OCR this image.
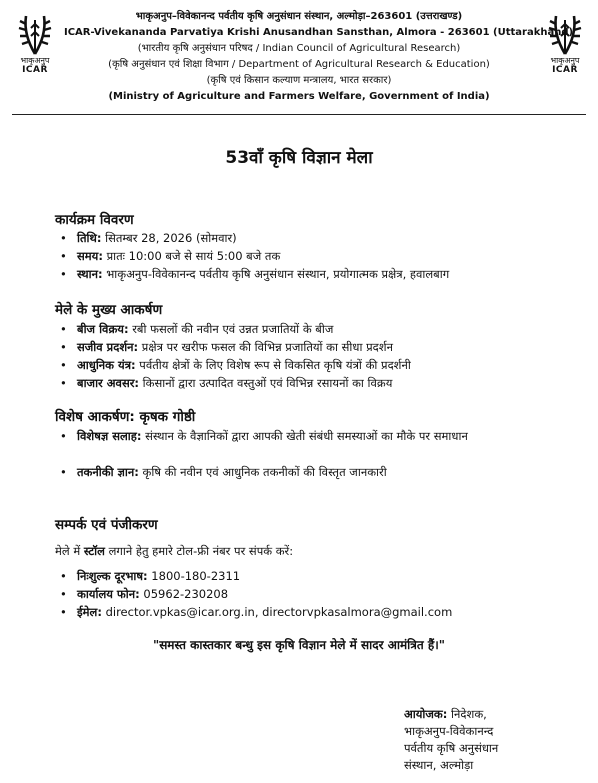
भाकृअनुप
ICAR
भाकृअनुप
ICAR
भाकृअनुप–विवेकानन्द पर्वतीय कृषि अनुसंधान संस्थान, अल्मोड़ा–263601 (उत्तराखण्ड)
ICAR-Vivekananda Parvatiya Krishi Anusandhan Sansthan, Almora - 263601 (Uttarakhand)
(भारतीय कृषि अनुसंधान परिषद / Indian Council of Agricultural Research)
(कृषि अनुसंधान एवं शिक्षा विभाग / Department of Agricultural Research & Education)
(कृषि एवं किसान कल्याण मन्त्रालय, भारत सरकार)
(Ministry of Agriculture and Farmers Welfare, Government of India)
53वाँ कृषि विज्ञान मेला
कार्यक्रम विवरण
• तिथि: सितम्बर 28, 2026 (सोमवार)
• समय: प्रातः 10:00 बजे से सायं 5:00 बजे तक
• स्थान: भाकृअनुप-विवेकानन्द पर्वतीय कृषि अनुसंधान संस्थान, प्रयोगात्मक प्रक्षेत्र, हवालबाग
मेले के मुख्य आकर्षण
• बीज विक्रय: रबी फसलों की नवीन एवं उन्नत प्रजातियों के बीज
• सजीव प्रदर्शन: प्रक्षेत्र पर खरीफ फसल की विभिन्न प्रजातियों का सीधा प्रदर्शन
• आधुनिक यंत्र: पर्वतीय क्षेत्रों के लिए विशेष रूप से विकसित कृषि यंत्रों की प्रदर्शनी
• बाजार अवसर: किसानों द्वारा उत्पादित वस्तुओं एवं विभिन्न रसायनों का विक्रय
विशेष आकर्षण: कृषक गोष्ठी
• विशेषज्ञ सलाह: संस्थान के वैज्ञानिकों द्वारा आपकी खेती संबंधी समस्याओं का मौके पर समाधान
• तकनीकी ज्ञान: कृषि की नवीन एवं आधुनिक तकनीकों की विस्तृत जानकारी
सम्पर्क एवं पंजीकरण
मेले में स्टॉल लगाने हेतु हमारे टोल-फ्री नंबर पर संपर्क करें:
• निःशुल्क दूरभाष: 1800-180-2311
• कार्यालय फोन: 05962-230208
• ईमेल: director.vpkas@icar.org.in, directorvpkasalmora@gmail.com
"समस्त कास्तकार बन्धु इस कृषि विज्ञान मेले में सादर आमंत्रित हैं।"
आयोजक: निदेशक,
भाकृअनुप-विवेकानन्द
पर्वतीय कृषि अनुसंधान
संस्थान, अल्मोड़ा
